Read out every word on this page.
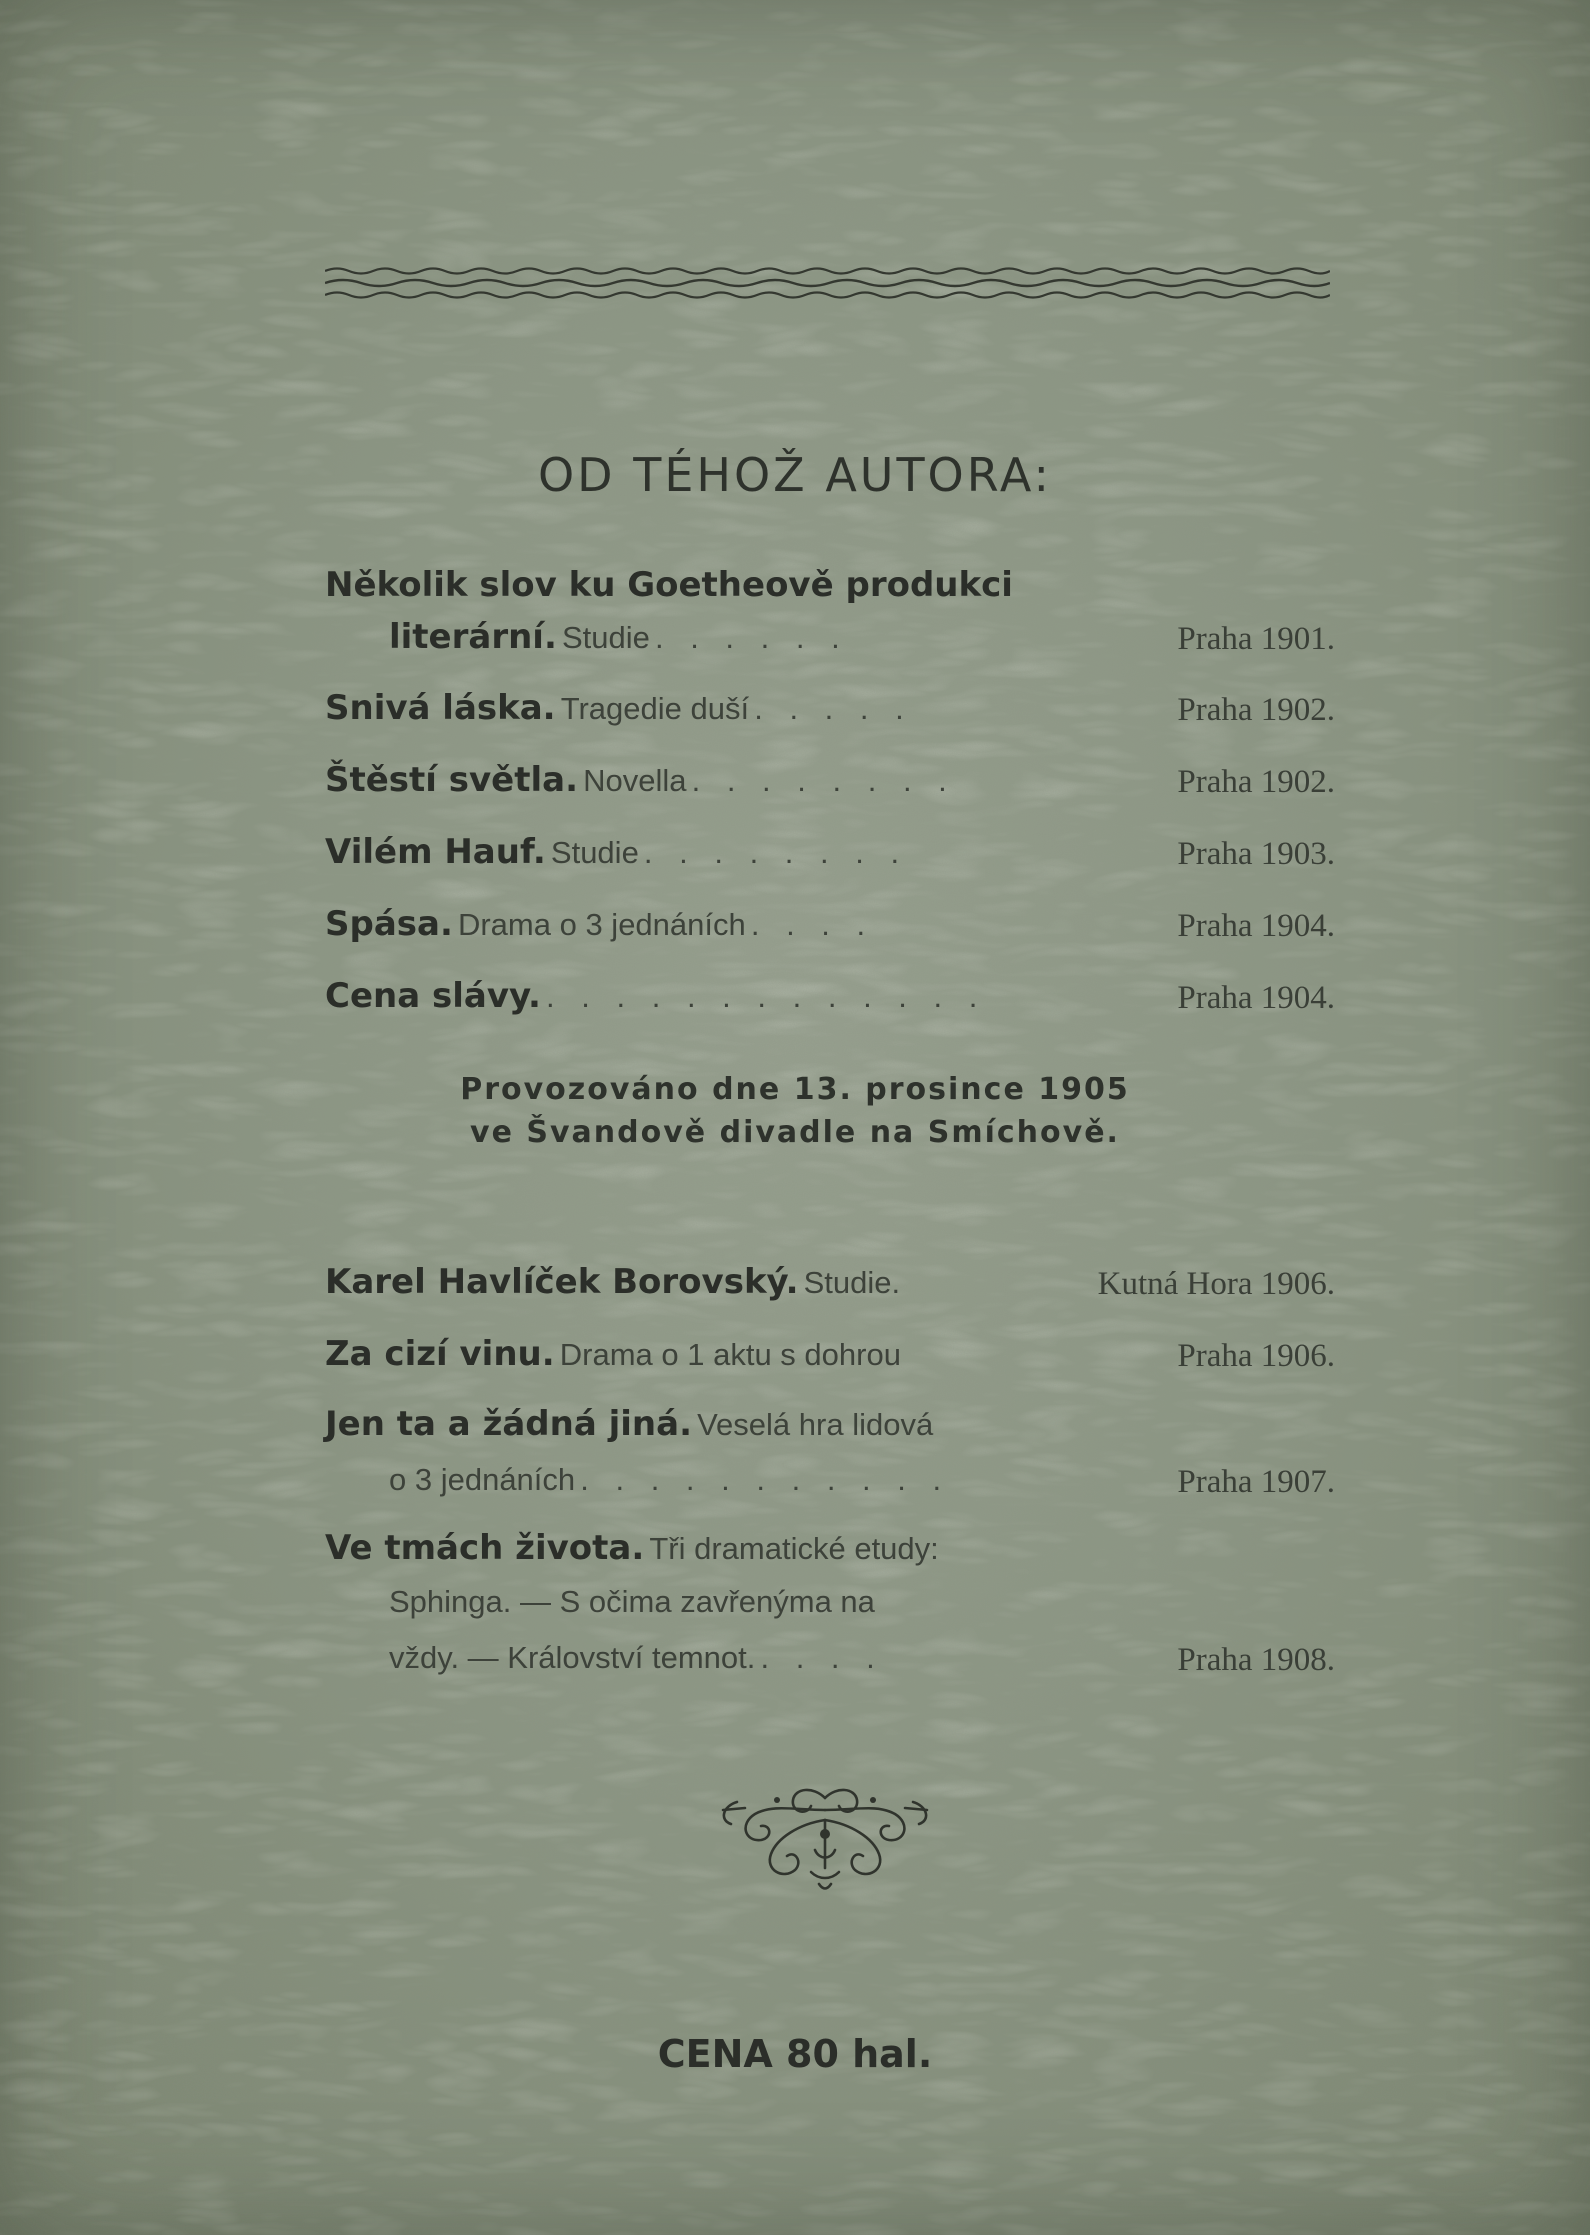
OD TÉHOŽ AUTORA:
Několik slov ku Goetheově produkci
literární. Studie . . . . . .	Praha 1901.
Snivá láska. Tragedie duší . . . . .	Praha 1902.
Štěstí světla. Novella . . . . . . . .	Praha 1902.
Vilém Hauf. Studie . . . . . . . .	Praha 1903.
Spása. Drama o 3 jednáních . . . .	Praha 1904.
Cena slávy. . . . . . . . . . . . . .	Praha 1904.
Provozováno dne 13. prosince 1905
ve Švandově divadle na Smíchově.
Karel Havlíček Borovský. Studie.	Kutná Hora 1906.
Za cizí vinu. Drama o 1 aktu s dohrou	Praha 1906.
Jen ta a žádná jiná. Veselá hra lidová
o 3 jednáních . . . . . . . . . . .	Praha 1907.
Ve tmách života. Tři dramatické etudy:
Sphinga. — S očima zavřenýma na
vždy. — Království temnot. . . . .	Praha 1908.
CENA 80 hal.
